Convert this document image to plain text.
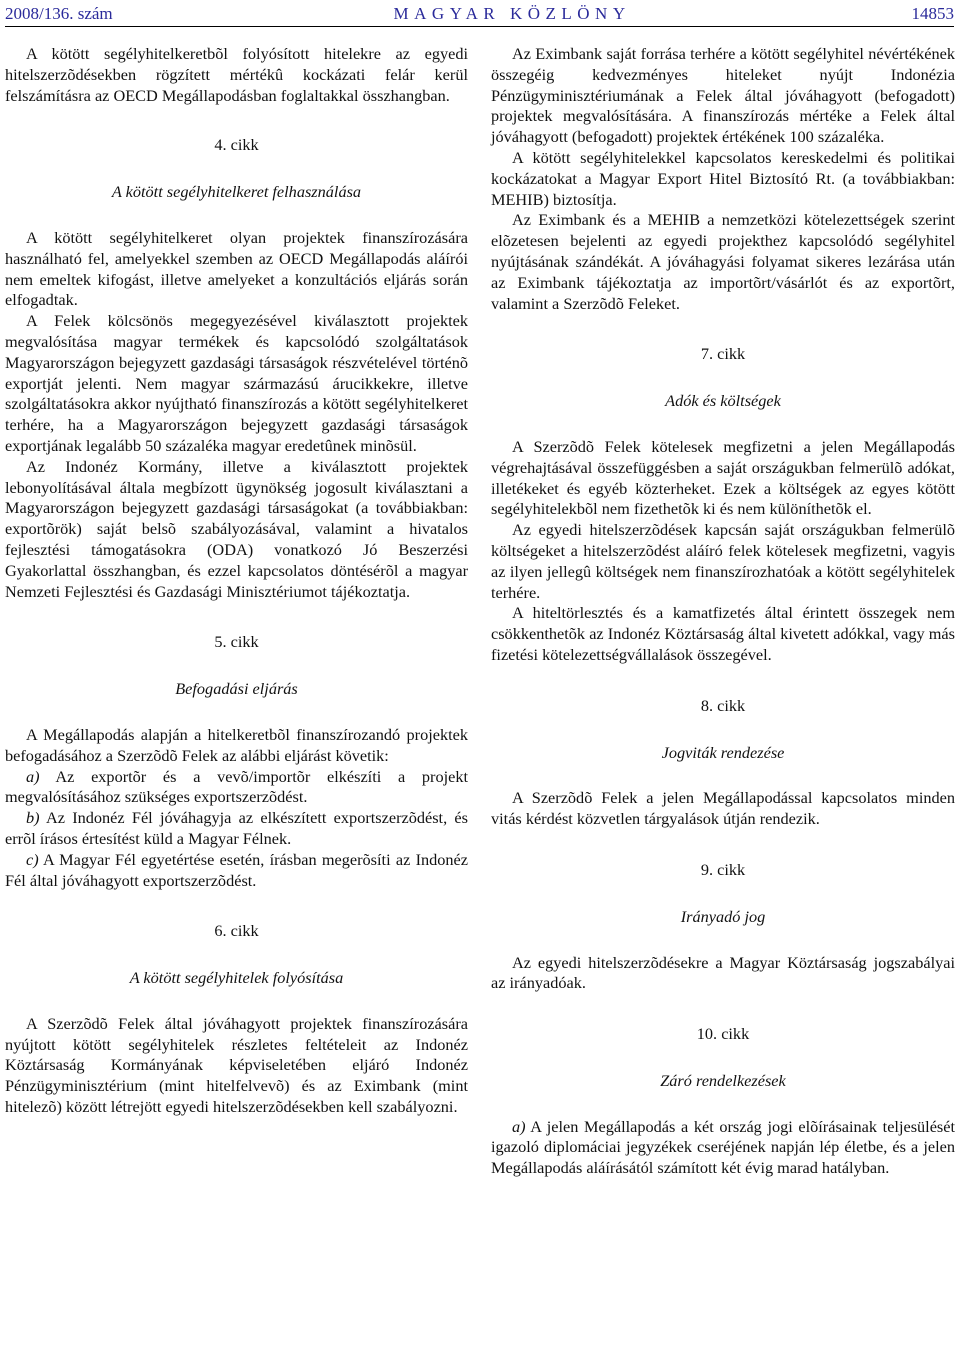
2008/136. szám	MAGYAR KÖZLÖNY	14853

A kötött segélyhitelkeretbõl folyósított hitelekre az egyedi hitelszerzõdésekben rögzített mértékû kockázati felár kerül felszámításra az OECD Megállapodásban foglaltakkal összhangban.

4. cikk

A kötött segélyhitelkeret felhasználása

A kötött segélyhitelkeret olyan projektek finanszírozására használható fel, amelyekkel szemben az OECD Megállapodás aláírói nem emeltek kifogást, illetve amelyeket a konzultációs eljárás során elfogadtak.

A Felek kölcsönös megegyezésével kiválasztott projektek megvalósítása magyar termékek és kapcsolódó szolgáltatások Magyarországon bejegyzett gazdasági társaságok részvételével történõ exportját jelenti. Nem magyar származású árucikkekre, illetve szolgáltatásokra akkor nyújtható finanszírozás a kötött segélyhitelkeret terhére, ha a Magyarországon bejegyzett gazdasági társaságok exportjának legalább 50 százaléka magyar eredetûnek minõsül.

Az Indonéz Kormány, illetve a kiválasztott projektek lebonyolításával általa megbízott ügynökség jogosult kiválasztani a Magyarországon bejegyzett gazdasági társaságokat (a továbbiakban: exportõrök) saját belsõ szabályozásával, valamint a hivatalos fejlesztési támogatásokra (ODA) vonatkozó Jó Beszerzési Gyakorlattal összhangban, és ezzel kapcsolatos döntésérõl a magyar Nemzeti Fejlesztési és Gazdasági Minisztériumot tájékoztatja.

5. cikk

Befogadási eljárás

A Megállapodás alapján a hitelkeretbõl finanszírozandó projektek befogadásához a Szerzõdõ Felek az alábbi eljárást követik:

a) Az exportõr és a vevõ/importõr elkészíti a projekt megvalósításához szükséges exportszerzõdést.

b) Az Indonéz Fél jóváhagyja az elkészített exportszerzõdést, és errõl írásos értesítést küld a Magyar Félnek.

c) A Magyar Fél egyetértése esetén, írásban megerõsíti az Indonéz Fél által jóváhagyott exportszerzõdést.

6. cikk

A kötött segélyhitelek folyósítása

A Szerzõdõ Felek által jóváhagyott projektek finanszírozására nyújtott kötött segélyhitelek részletes feltételeit az Indonéz Köztársaság Kormányának képviseletében eljáró Indonéz Pénzügyminisztérium (mint hitelfelvevõ) és az Eximbank (mint hitelezõ) között létrejött egyedi hitelszerzõdésekben kell szabályozni.

Az Eximbank saját forrása terhére a kötött segélyhitel névértékének összegéig kedvezményes hiteleket nyújt Indonézia Pénzügyminisztériumának a Felek által jóváhagyott (befogadott) projektek megvalósítására. A finanszírozás mértéke a Felek által jóváhagyott (befogadott) projektek értékének 100 százaléka.

A kötött segélyhitelekkel kapcsolatos kereskedelmi és politikai kockázatokat a Magyar Export Hitel Biztosító Rt. (a továbbiakban: MEHIB) biztosítja.

Az Eximbank és a MEHIB a nemzetközi kötelezettségek szerint elõzetesen bejelenti az egyedi projekthez kapcsolódó segélyhitel nyújtásának szándékát. A jóváhagyási folyamat sikeres lezárása után az Eximbank tájékoztatja az importõrt/vásárlót és az exportõrt, valamint a Szerzõdõ Feleket.

7. cikk

Adók és költségek

A Szerzõdõ Felek kötelesek megfizetni a jelen Megállapodás végrehajtásával összefüggésben a saját országukban felmerülõ adókat, illetékeket és egyéb közterheket. Ezek a költségek az egyes kötött segélyhitelekbõl nem fizethetõk ki és nem különíthetõk el.

Az egyedi hitelszerzõdések kapcsán saját országukban felmerülõ költségeket a hitelszerzõdést aláíró felek kötelesek megfizetni, vagyis az ilyen jellegû költségek nem finanszírozhatóak a kötött segélyhitelek terhére.

A hiteltörlesztés és a kamatfizetés által érintett összegek nem csökkenthetõk az Indonéz Köztársaság által kivetett adókkal, vagy más fizetési kötelezettségvállalások összegével.

8. cikk

Jogviták rendezése

A Szerzõdõ Felek a jelen Megállapodással kapcsolatos minden vitás kérdést közvetlen tárgyalások útján rendezik.

9. cikk

Irányadó jog

Az egyedi hitelszerzõdésekre a Magyar Köztársaság jogszabályai az irányadóak.

10. cikk

Záró rendelkezések

a) A jelen Megállapodás a két ország jogi elõírásainak teljesülését igazoló diplomáciai jegyzékek cseréjének napján lép életbe, és a jelen Megállapodás aláírásától számított két évig marad hatályban.
